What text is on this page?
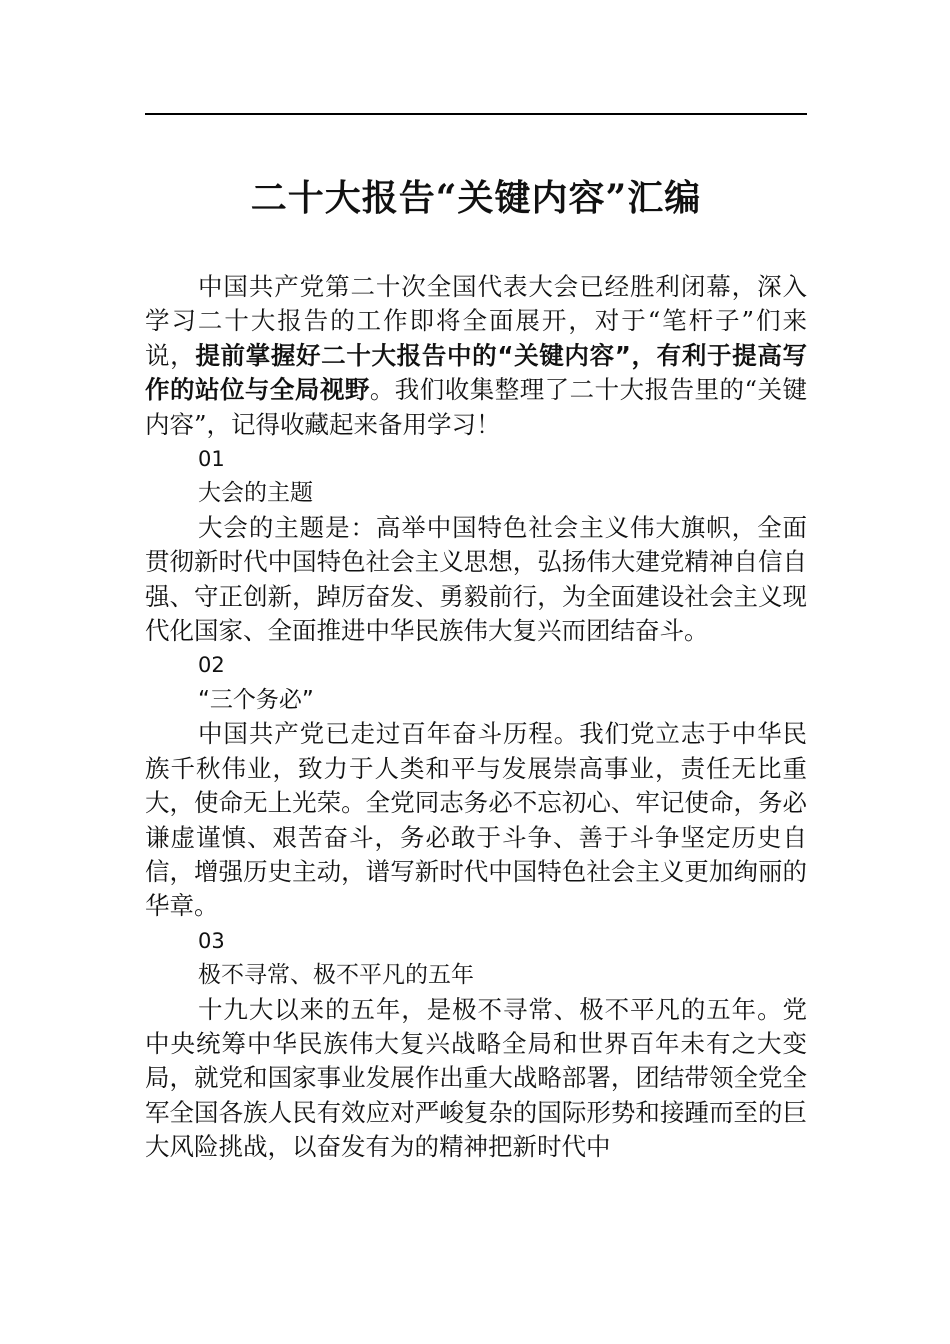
二十大报告“关键内容”汇编

中国共产党第二十次全国代表大会已经胜利闭幕，深入学习二十大报告的工作即将全面展开，对于“笔杆子”们来说，提前掌握好二十大报告中的“关键内容”，有利于提高写作的站位与全局视野。我们收集整理了二十大报告里的“关键内容”，记得收藏起来备用学习！

01

大会的主题

大会的主题是：高举中国特色社会主义伟大旗帜，全面贯彻新时代中国特色社会主义思想，弘扬伟大建党精神自信自强、守正创新，踔厉奋发、勇毅前行，为全面建设社会主义现代化国家、全面推进中华民族伟大复兴而团结奋斗。

02

“三个务必”

中国共产党已走过百年奋斗历程。我们党立志于中华民族千秋伟业，致力于人类和平与发展崇高事业，责任无比重大，使命无上光荣。全党同志务必不忘初心、牢记使命，务必谦虚谨慎、艰苦奋斗，务必敢于斗争、善于斗争坚定历史自信，增强历史主动，谱写新时代中国特色社会主义更加绚丽的华章。

03

极不寻常、极不平凡的五年

十九大以来的五年，是极不寻常、极不平凡的五年。党中央统筹中华民族伟大复兴战略全局和世界百年未有之大变局，就党和国家事业发展作出重大战略部署，团结带领全党全军全国各族人民有效应对严峻复杂的国际形势和接踵而至的巨大风险挑战，以奋发有为的精神把新时代中
